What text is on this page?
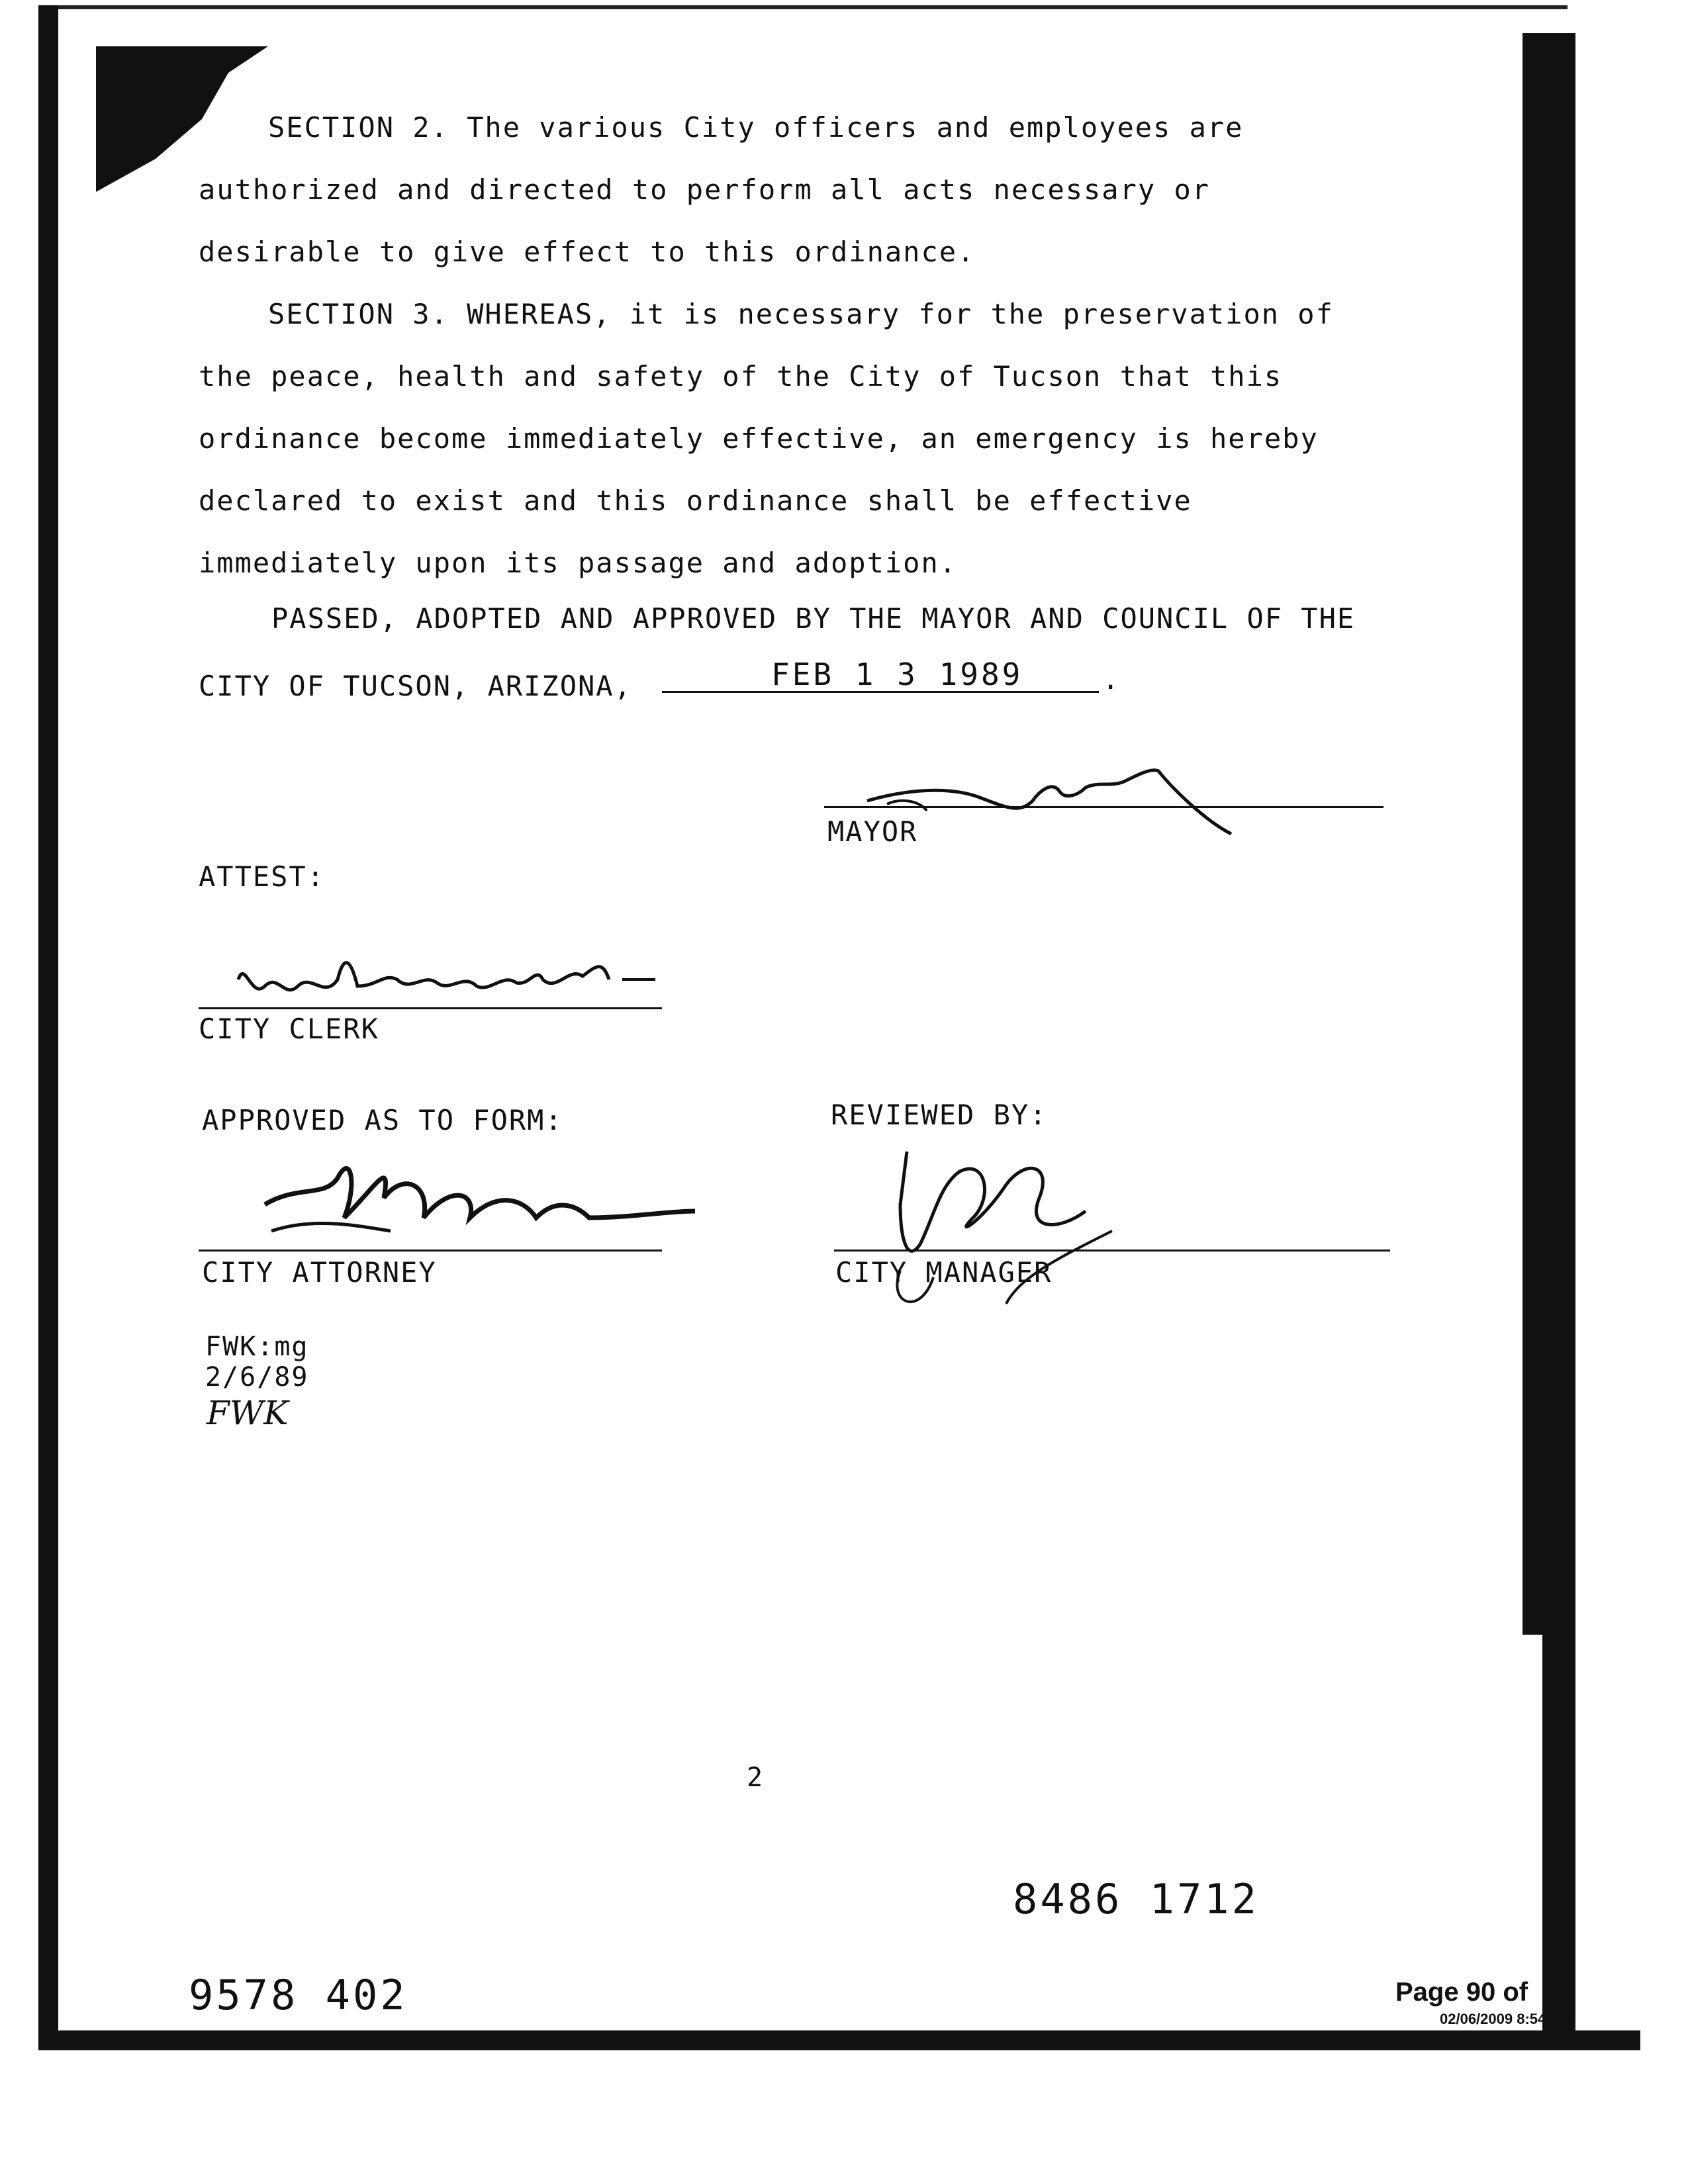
SECTION 2. The various City officers and employees are
authorized and directed to perform all acts necessary or
desirable to give effect to this ordinance.
SECTION 3. WHEREAS, it is necessary for the preservation of
the peace, health and safety of the City of Tucson that this
ordinance become immediately effective, an emergency is hereby
declared to exist and this ordinance shall be effective
immediately upon its passage and adoption.
PASSED, ADOPTED AND APPROVED BY THE MAYOR AND COUNCIL OF THE
CITY OF TUCSON, ARIZONA,	FEB 1 3 1989	.
MAYOR
ATTEST:
CITY CLERK
APPROVED AS TO FORM:
CITY ATTORNEY
REVIEWED BY:
CITY MANAGER
FWK:mg
2/6/89
FWK
2
8486 1712
9578 402	Page 90 of
02/06/2009 8:54 AM
